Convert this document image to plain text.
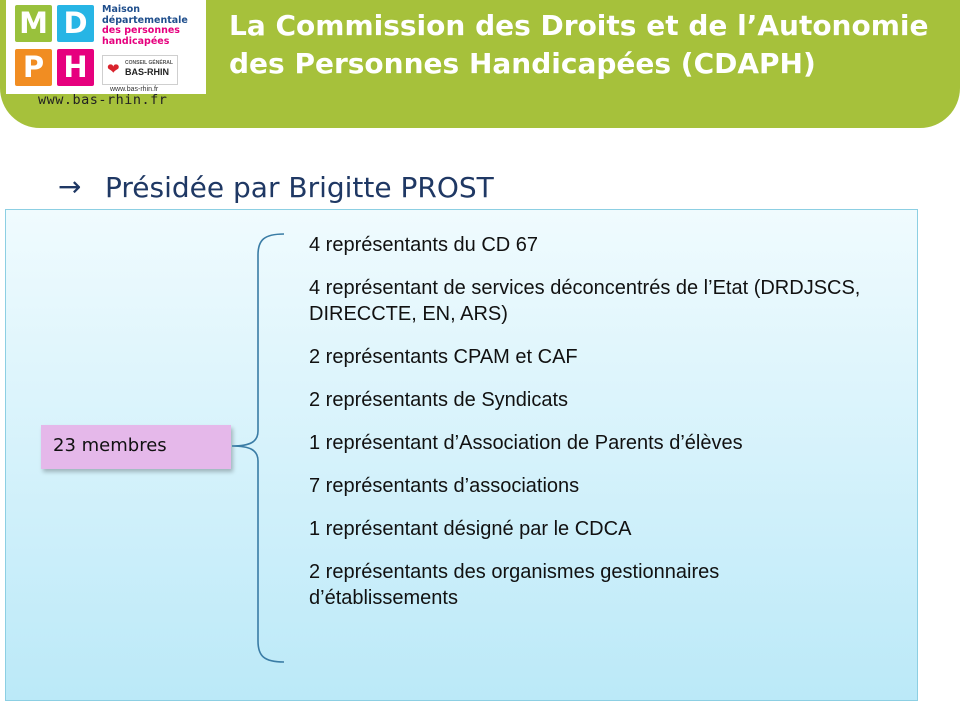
M D
P H
Maison
départementale
des personnes
handicapées
❤ CONSEIL GÉNÉRAL
BAS-RHIN
www.bas-rhin.fr
www.bas-rhin.fr
La Commission des Droits et de l’Autonomie des Personnes Handicapées (CDAPH)
→ Présidée par Brigitte PROST
23 membres
4 représentants du CD 67
4 représentant de services déconcentrés de l’Etat (DRDJSCS, DIRECCTE, EN, ARS)
2 représentants CPAM et CAF
2 représentants de Syndicats
1 représentant d’Association de Parents d’élèves
7 représentants d’associations
1 représentant désigné par le CDCA
2 représentants des organismes gestionnaires d’établissements
